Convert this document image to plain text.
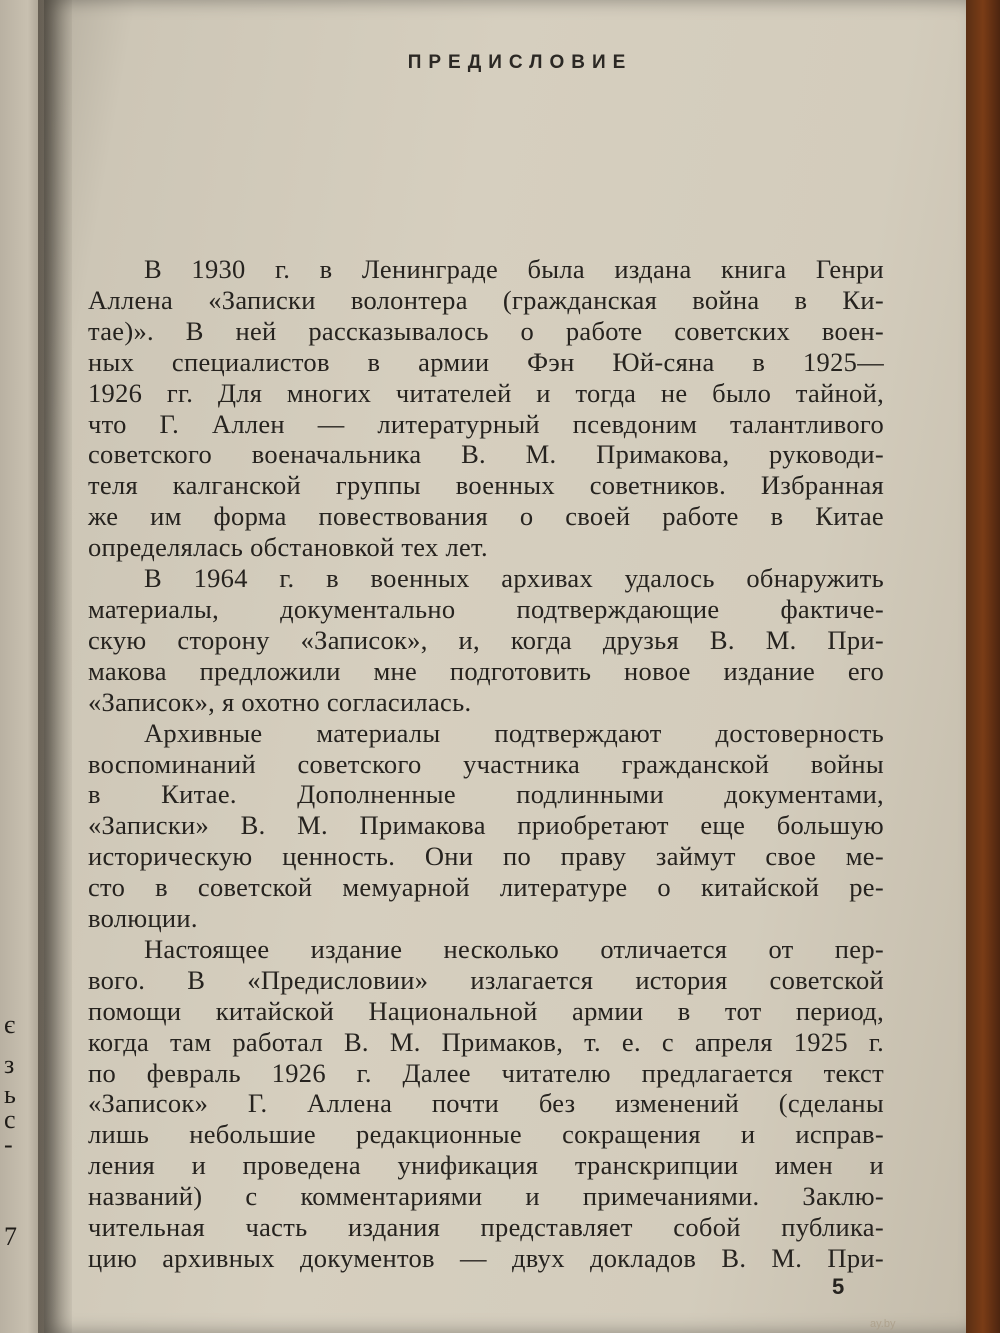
є
з
ь
с
-
7
ПРЕДИСЛОВИЕ

В 1930 г. в Ленинграде была издана книга Генри
Аллена «Записки волонтера (гражданская война в Ки-
тае)». В ней рассказывалось о работе советских воен-
ных специалистов в армии Фэн Юй-сяна в 1925—
1926 гг. Для многих читателей и тогда не было тайной,
что Г. Аллен — литературный псевдоним талантливого
советского военачальника В. М. Примакова, руководи-
теля калганской группы военных советников. Избранная
же им форма повествования о своей работе в Китае
определялась обстановкой тех лет.

В 1964 г. в военных архивах удалось обнаружить
материалы, документально подтверждающие фактиче-
скую сторону «Записок», и, когда друзья В. М. При-
макова предложили мне подготовить новое издание его
«Записок», я охотно согласилась.

Архивные материалы подтверждают достоверность
воспоминаний советского участника гражданской войны
в Китае. Дополненные подлинными документами,
«Записки» В. М. Примакова приобретают еще большую
историческую ценность. Они по праву займут свое ме-
сто в советской мемуарной литературе о китайской ре-
волюции.

Настоящее издание несколько отличается от пер-
вого. В «Предисловии» излагается история советской
помощи китайской Национальной армии в тот период,
когда там работал В. М. Примаков, т. е. с апреля 1925 г.
по февраль 1926 г. Далее читателю предлагается текст
«Записок» Г. Аллена почти без изменений (сделаны
лишь небольшие редакционные сокращения и исправ-
ления и проведена унификация транскрипции имен и
названий) с комментариями и примечаниями. Заклю-
чительная часть издания представляет собой публика-
цию архивных документов — двух докладов В. М. При-

5
ay.by
